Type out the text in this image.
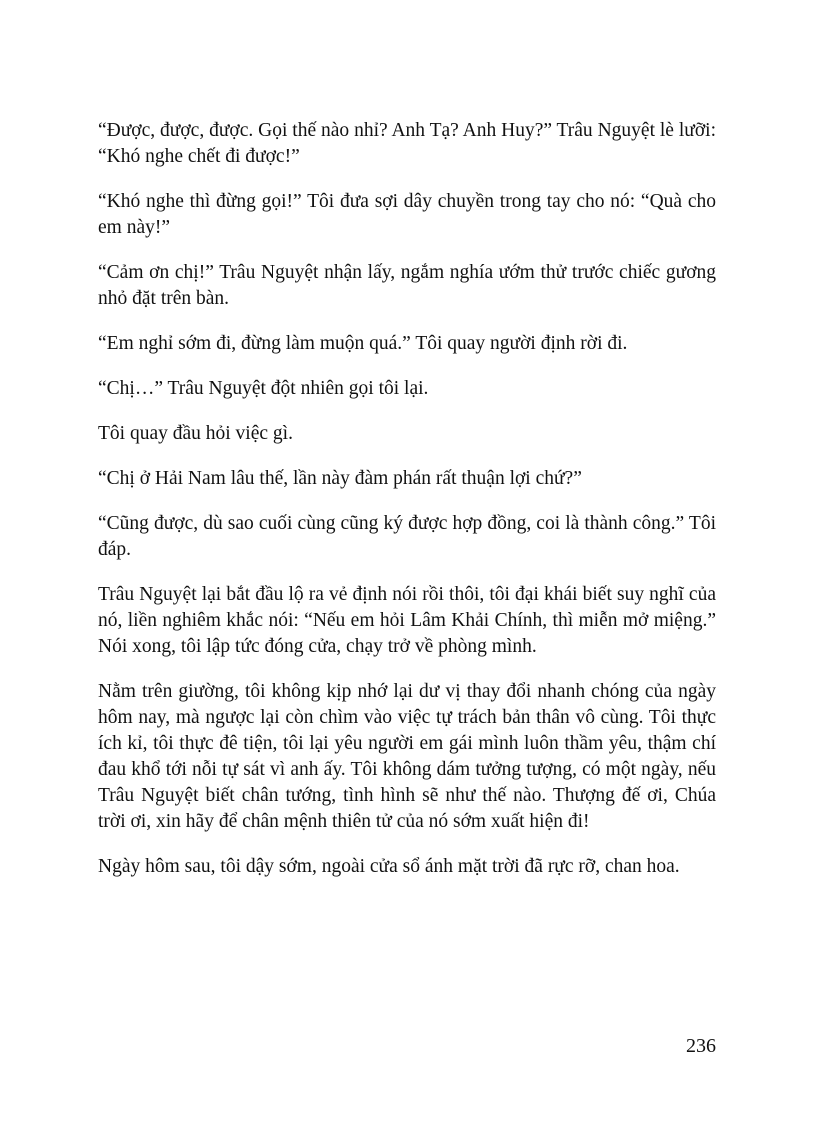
“Được, được, được. Gọi thế nào nhỉ? Anh Tạ? Anh Huy?” Trâu Nguyệt lè lưỡi: “Khó nghe chết đi được!”

“Khó nghe thì đừng gọi!” Tôi đưa sợi dây chuyền trong tay cho nó: “Quà cho em này!”

“Cảm ơn chị!” Trâu Nguyệt nhận lấy, ngắm nghía ướm thử trước chiếc gương nhỏ đặt trên bàn.

“Em nghỉ sớm đi, đừng làm muộn quá.” Tôi quay người định rời đi.

“Chị…” Trâu Nguyệt đột nhiên gọi tôi lại.

Tôi quay đầu hỏi việc gì.

“Chị ở Hải Nam lâu thế, lần này đàm phán rất thuận lợi chứ?”

“Cũng được, dù sao cuối cùng cũng ký được hợp đồng, coi là thành công.” Tôi đáp.

Trâu Nguyệt lại bắt đầu lộ ra vẻ định nói rồi thôi, tôi đại khái biết suy nghĩ của nó, liền nghiêm khắc nói: “Nếu em hỏi Lâm Khải Chính, thì miễn mở miệng.” Nói xong, tôi lập tức đóng cửa, chạy trở về phòng mình.

Nằm trên giường, tôi không kịp nhớ lại dư vị thay đổi nhanh chóng của ngày hôm nay, mà ngược lại còn chìm vào việc tự trách bản thân vô cùng. Tôi thực ích kỉ, tôi thực đê tiện, tôi lại yêu người em gái mình luôn thầm yêu, thậm chí đau khổ tới nỗi tự sát vì anh ấy. Tôi không dám tưởng tượng, có một ngày, nếu Trâu Nguyệt biết chân tướng, tình hình sẽ như thế nào. Thượng đế ơi, Chúa trời ơi, xin hãy để chân mệnh thiên tử của nó sớm xuất hiện đi!

Ngày hôm sau, tôi dậy sớm, ngoài cửa sổ ánh mặt trời đã rực rỡ, chan hoa.

236
